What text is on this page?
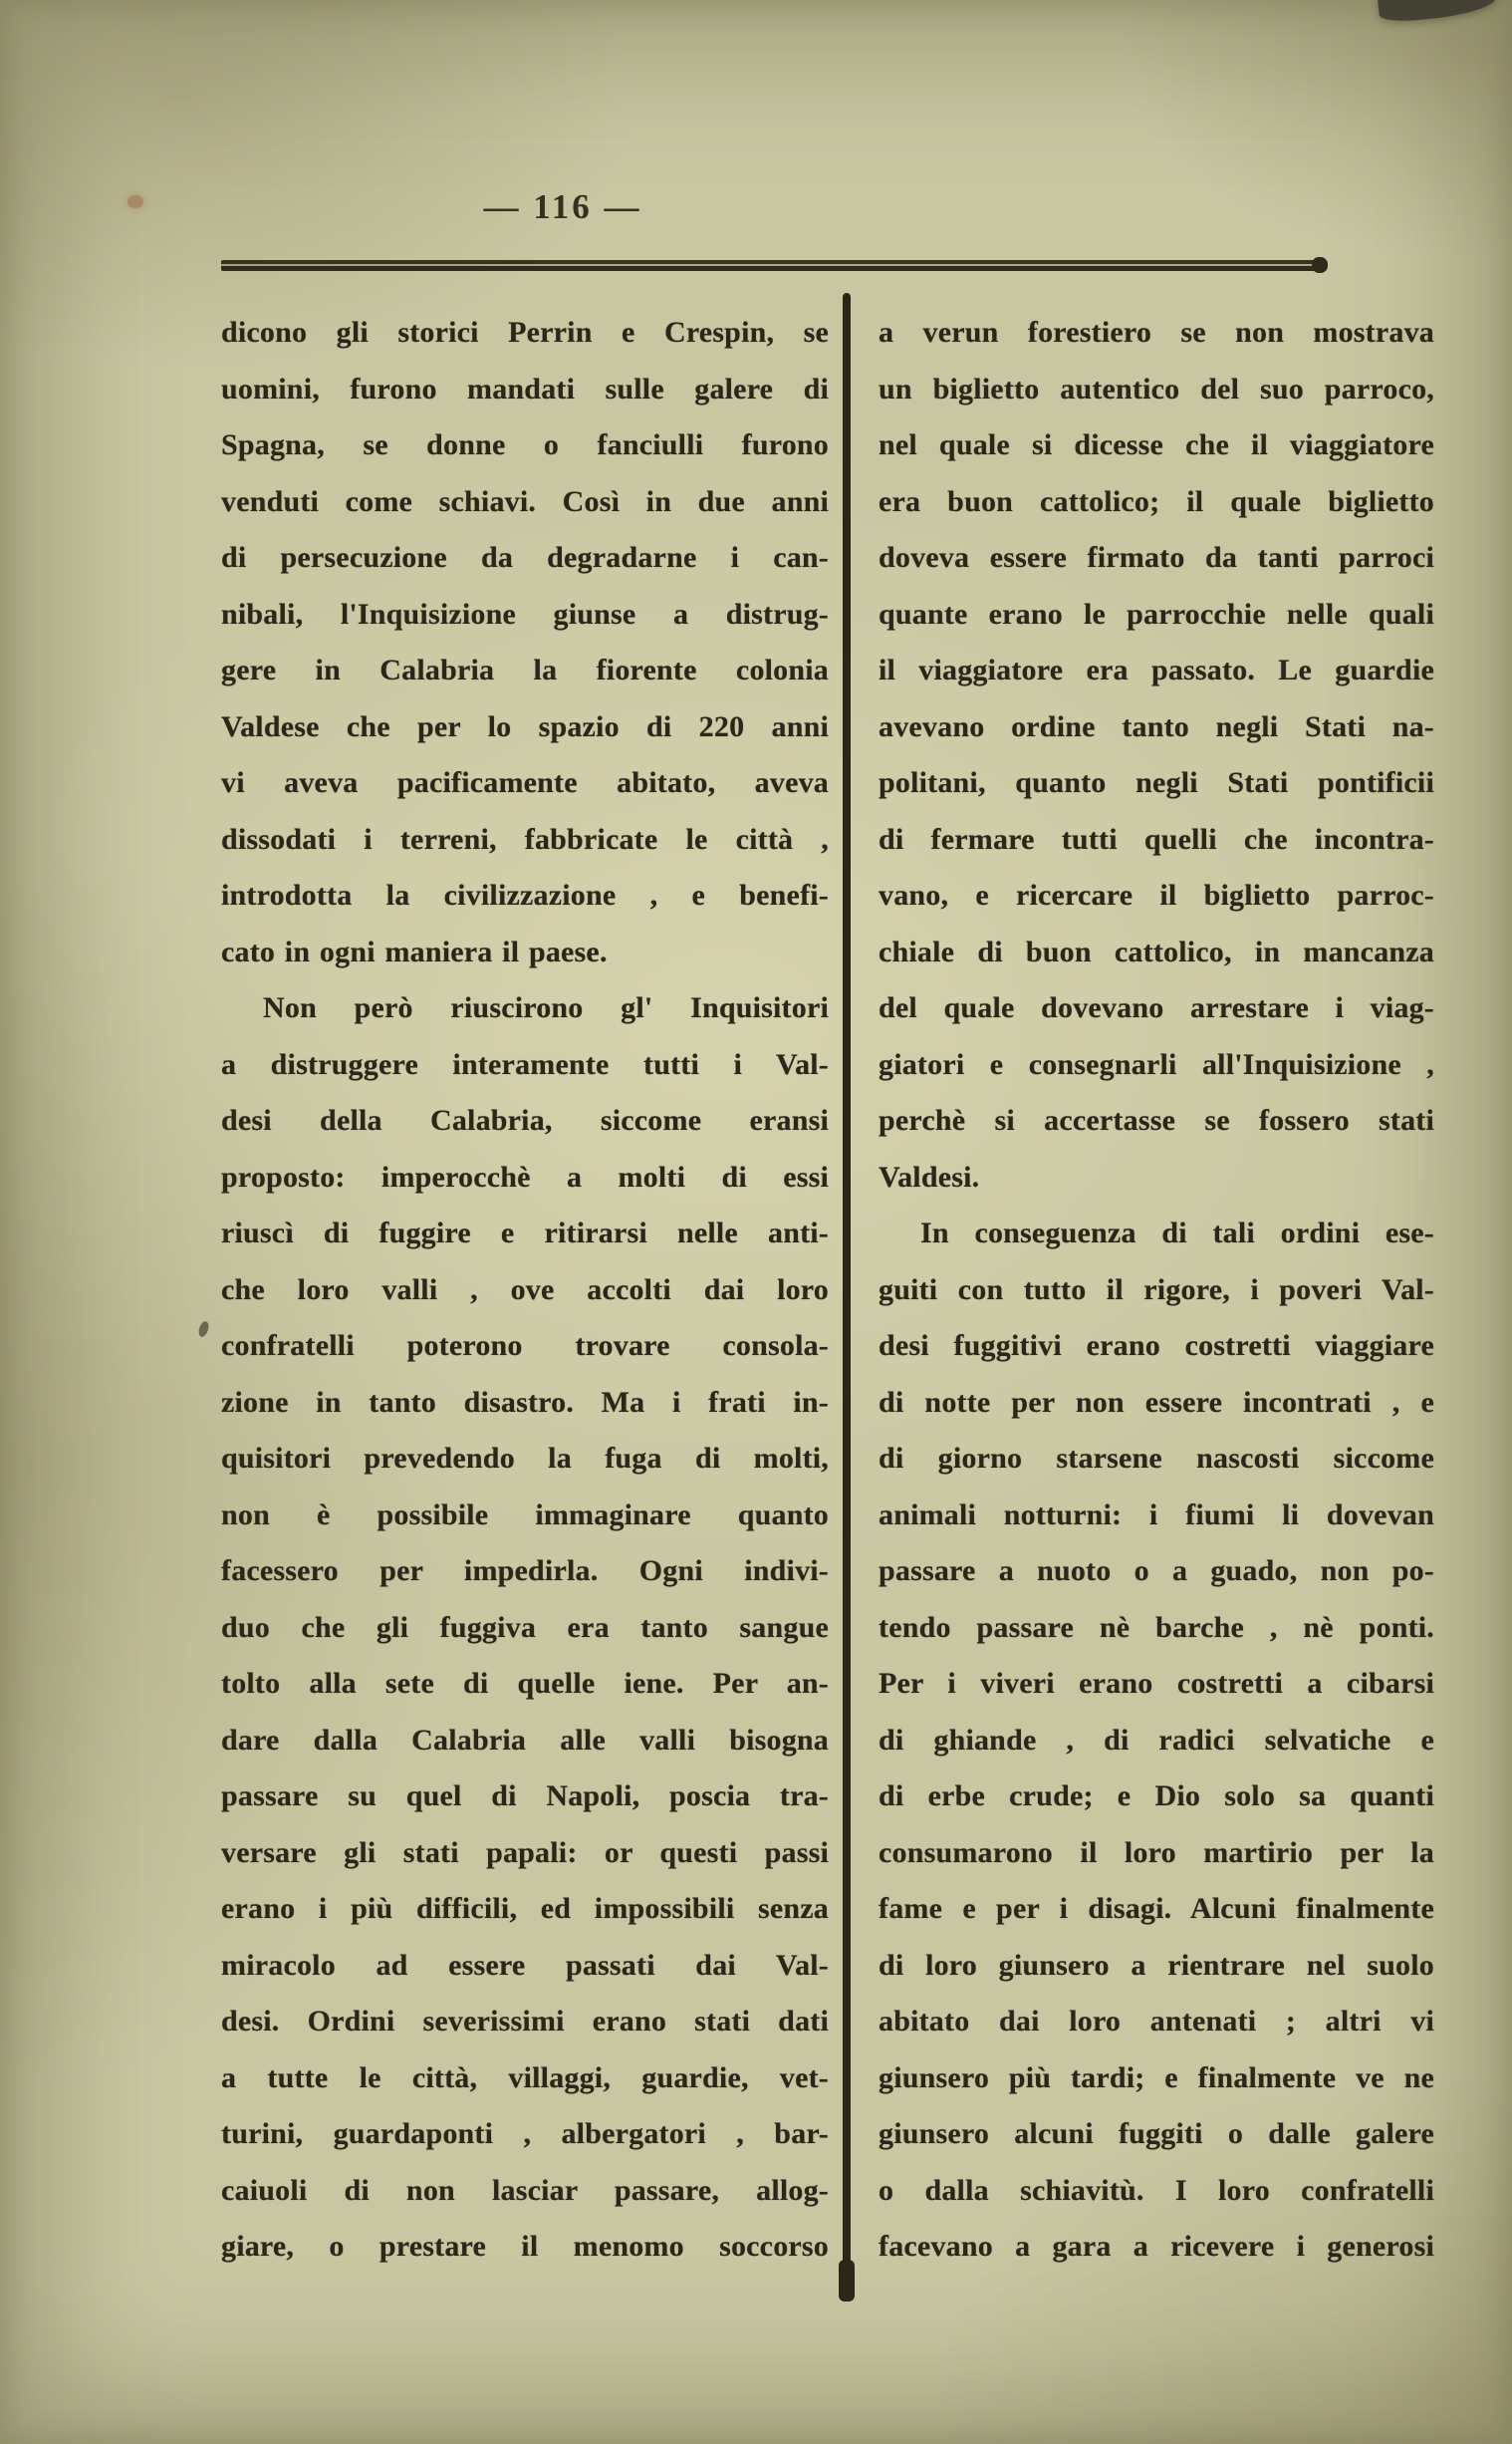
— 116 —
dicono gli storici Perrin e Crespin, se
uomini, furono mandati sulle galere di
Spagna, se donne o fanciulli furono
venduti come schiavi. Così in due anni
di persecuzione da degradarne i can-
nibali, l'Inquisizione giunse a distrug-
gere in Calabria la fiorente colonia
Valdese che per lo spazio di 220 anni
vi aveva pacificamente abitato, aveva
dissodati i terreni, fabbricate le città ,
introdotta la civilizzazione , e benefi-
cato in ogni maniera il paese.
Non però riuscirono gl' Inquisitori
a distruggere interamente tutti i Val-
desi della Calabria, siccome eransi
proposto: imperocchè a molti di essi
riuscì di fuggire e ritirarsi nelle anti-
che loro valli , ove accolti dai loro
confratelli poterono trovare consola-
zione in tanto disastro. Ma i frati in-
quisitori prevedendo la fuga di molti,
non è possibile immaginare quanto
facessero per impedirla. Ogni indivi-
duo che gli fuggiva era tanto sangue
tolto alla sete di quelle iene. Per an-
dare dalla Calabria alle valli bisogna
passare su quel di Napoli, poscia tra-
versare gli stati papali: or questi passi
erano i più difficili, ed impossibili senza
miracolo ad essere passati dai Val-
desi. Ordini severissimi erano stati dati
a tutte le città, villaggi, guardie, vet-
turini, guardaponti , albergatori , bar-
caiuoli di non lasciar passare, allog-
giare, o prestare il menomo soccorso
a verun forestiero se non mostrava
un biglietto autentico del suo parroco,
nel quale si dicesse che il viaggiatore
era buon cattolico; il quale biglietto
doveva essere firmato da tanti parroci
quante erano le parrocchie nelle quali
il viaggiatore era passato. Le guardie
avevano ordine tanto negli Stati na-
politani, quanto negli Stati pontificii
di fermare tutti quelli che incontra-
vano, e ricercare il biglietto parroc-
chiale di buon cattolico, in mancanza
del quale dovevano arrestare i viag-
giatori e consegnarli all'Inquisizione ,
perchè si accertasse se fossero stati
Valdesi.
In conseguenza di tali ordini ese-
guiti con tutto il rigore, i poveri Val-
desi fuggitivi erano costretti viaggiare
di notte per non essere incontrati , e
di giorno starsene nascosti siccome
animali notturni: i fiumi li dovevan
passare a nuoto o a guado, non po-
tendo passare nè barche , nè ponti.
Per i viveri erano costretti a cibarsi
di ghiande , di radici selvatiche e
di erbe crude; e Dio solo sa quanti
consumarono il loro martirio per la
fame e per i disagi. Alcuni finalmente
di loro giunsero a rientrare nel suolo
abitato dai loro antenati ; altri vi
giunsero più tardi; e finalmente ve ne
giunsero alcuni fuggiti o dalle galere
o dalla schiavitù. I loro confratelli
facevano a gara a ricevere i generosi
